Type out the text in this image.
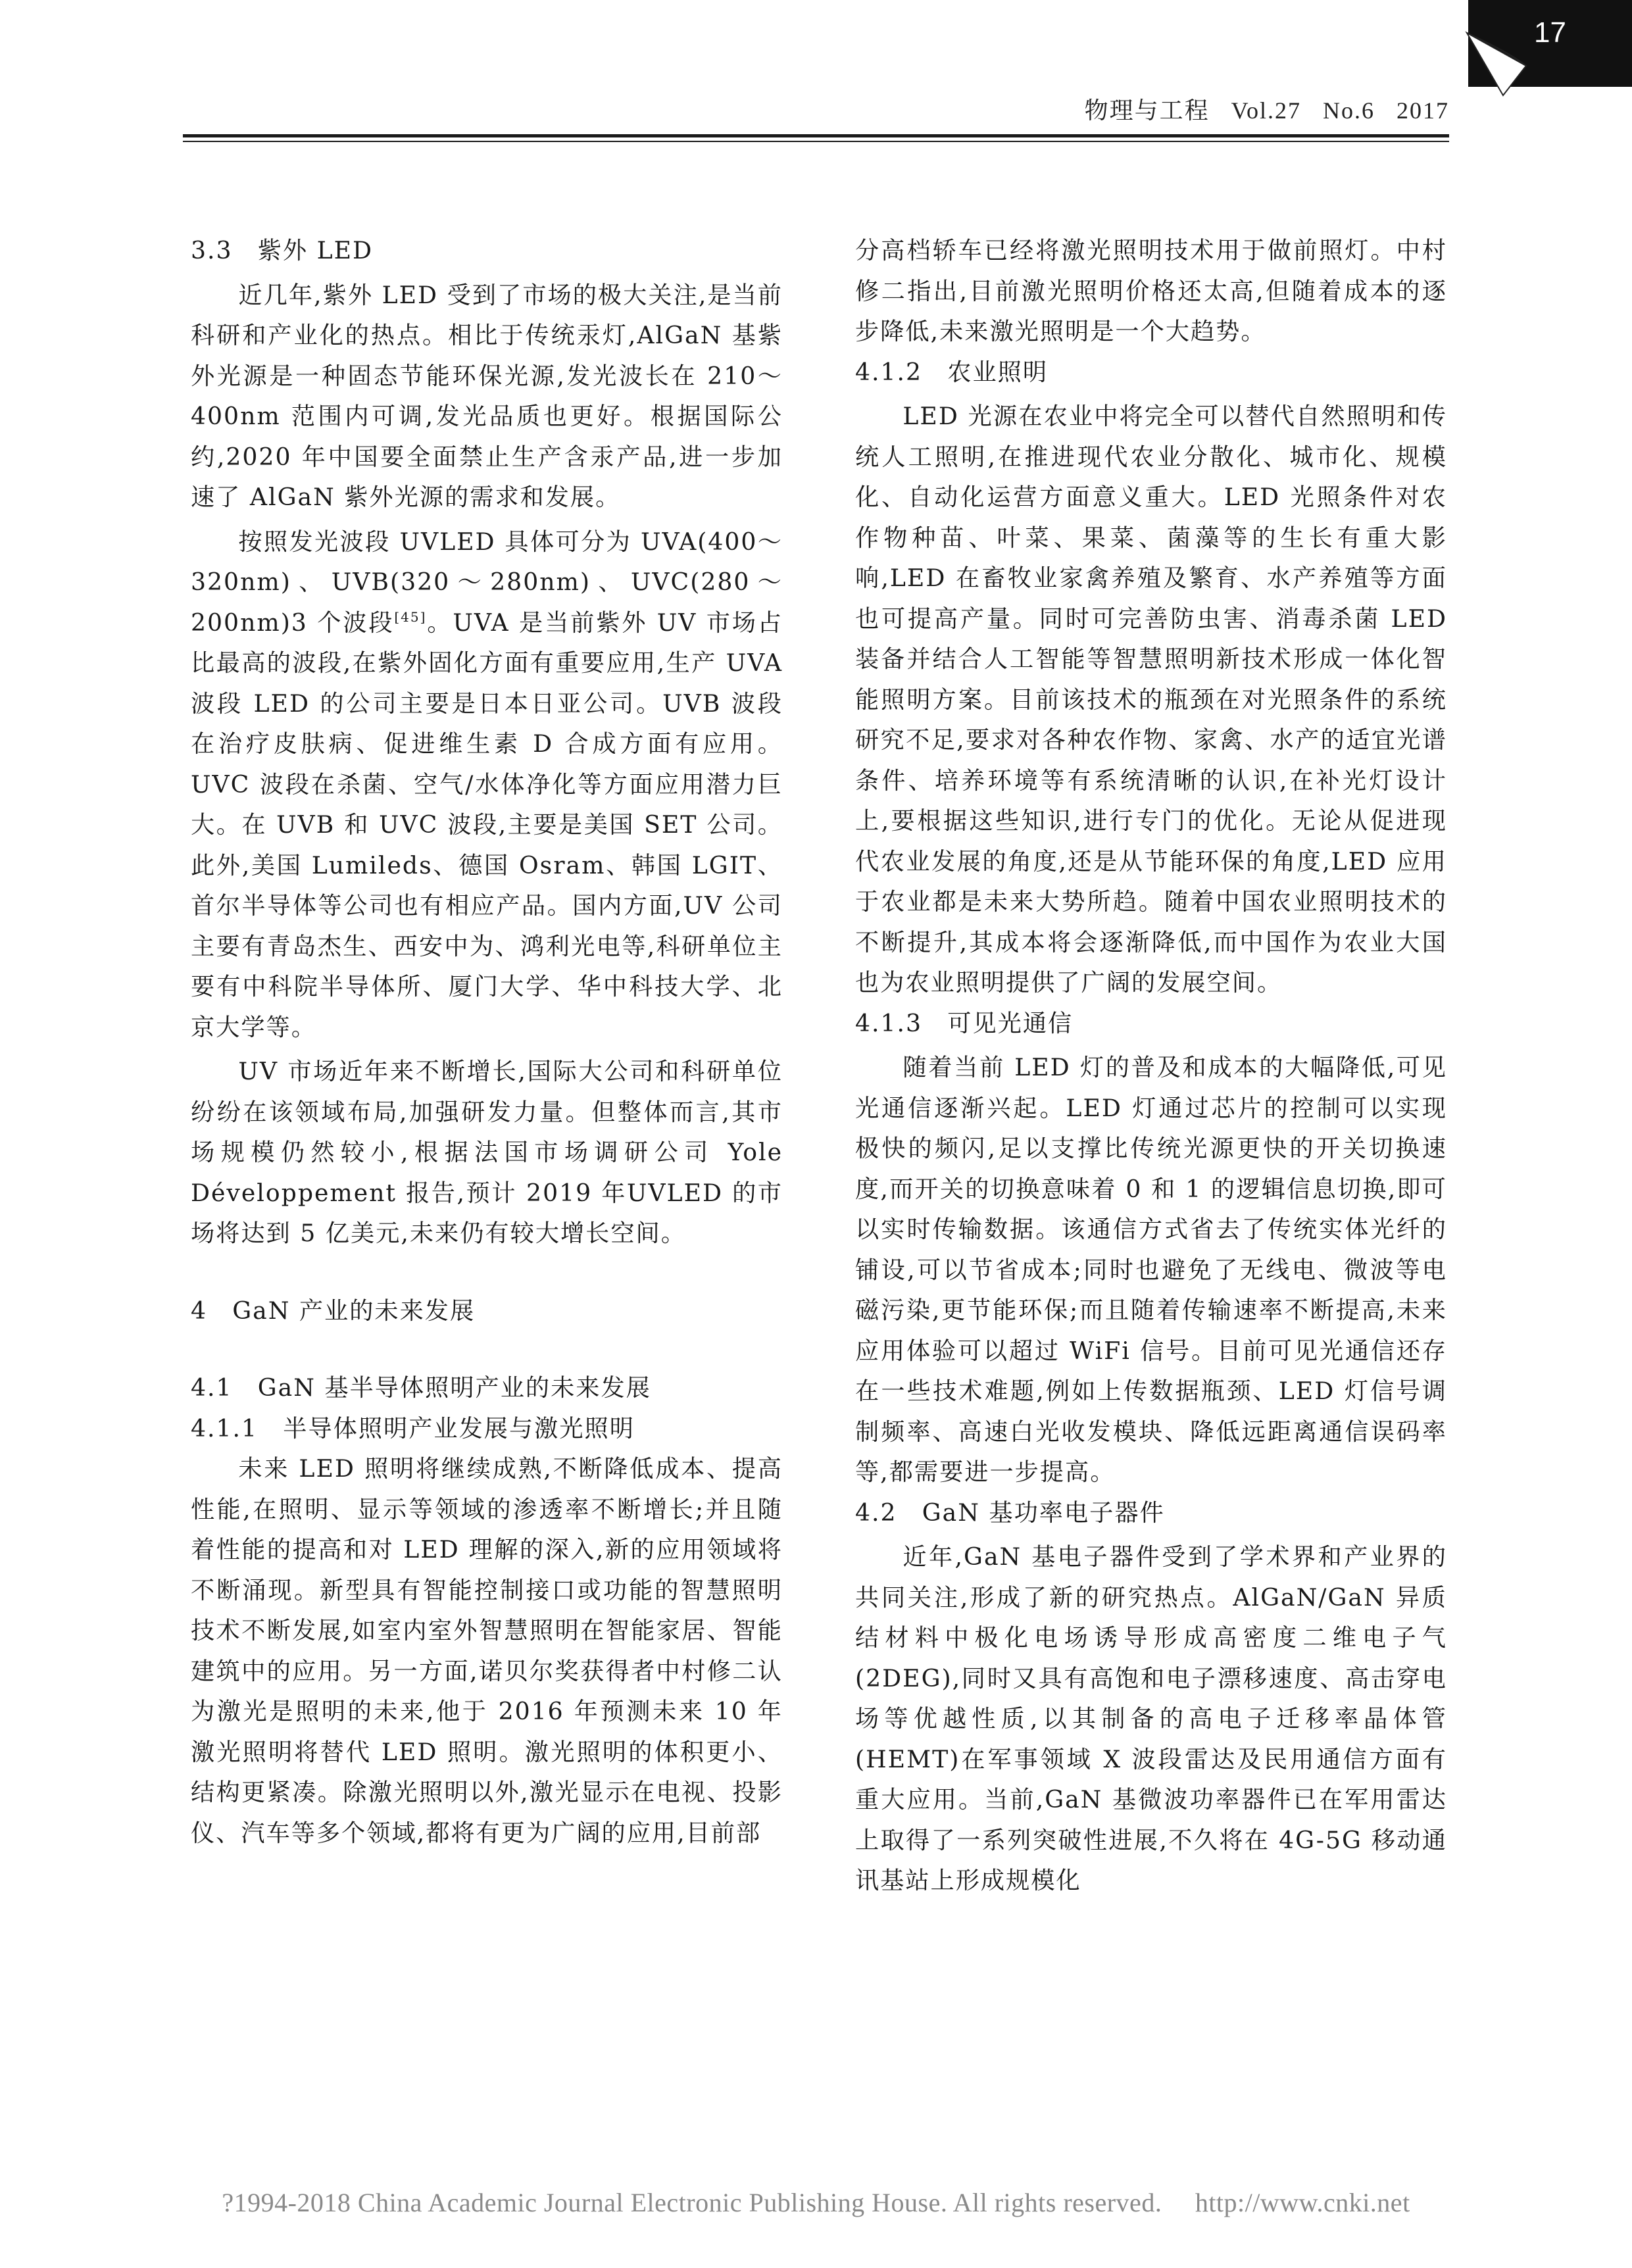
17
物理与工程 Vol.27 No.6 2017
3.3　紫外 LED

近几年,紫外 LED 受到了市场的极大关注,是当前科研和产业化的热点。相比于传统汞灯,AlGaN 基紫外光源是一种固态节能环保光源,发光波长在 210～400nm 范围内可调,发光品质也更好。根据国际公约,2020 年中国要全面禁止生产含汞产品,进一步加速了 AlGaN 紫外光源的需求和发展。

按照发光波段 UVLED 具体可分为 UVA(400～320nm)、UVB(320～280nm)、UVC(280～200nm)3 个波段[45]。UVA 是当前紫外 UV 市场占比最高的波段,在紫外固化方面有重要应用,生产 UVA 波段 LED 的公司主要是日本日亚公司。UVB 波段在治疗皮肤病、促进维生素 D 合成方面有应用。UVC 波段在杀菌、空气/水体净化等方面应用潜力巨大。在 UVB 和 UVC 波段,主要是美国 SET 公司。此外,美国 Lumileds、德国 Osram、韩国 LGIT、首尔半导体等公司也有相应产品。国内方面,UV 公司主要有青岛杰生、西安中为、鸿利光电等,科研单位主要有中科院半导体所、厦门大学、华中科技大学、北京大学等。

UV 市场近年来不断增长,国际大公司和科研单位纷纷在该领域布局,加强研发力量。但整体而言,其市场规模仍然较小,根据法国市场调研公司 Yole Développement 报告,预计 2019 年UVLED 的市场将达到 5 亿美元,未来仍有较大增长空间。

4　GaN 产业的未来发展
4.1　GaN 基半导体照明产业的未来发展
4.1.1　半导体照明产业发展与激光照明

未来 LED 照明将继续成熟,不断降低成本、提高性能,在照明、显示等领域的渗透率不断增长;并且随着性能的提高和对 LED 理解的深入,新的应用领域将不断涌现。新型具有智能控制接口或功能的智慧照明技术不断发展,如室内室外智慧照明在智能家居、智能建筑中的应用。另一方面,诺贝尔奖获得者中村修二认为激光是照明的未来,他于 2016 年预测未来 10 年激光照明将替代 LED 照明。激光照明的体积更小、结构更紧凑。除激光照明以外,激光显示在电视、投影仪、汽车等多个领域,都将有更为广阔的应用,目前部

分高档轿车已经将激光照明技术用于做前照灯。中村修二指出,目前激光照明价格还太高,但随着成本的逐步降低,未来激光照明是一个大趋势。

4.1.2　农业照明

LED 光源在农业中将完全可以替代自然照明和传统人工照明,在推进现代农业分散化、城市化、规模化、自动化运营方面意义重大。LED 光照条件对农作物种苗、叶菜、果菜、菌藻等的生长有重大影响,LED 在畜牧业家禽养殖及繁育、水产养殖等方面也可提高产量。同时可完善防虫害、消毒杀菌 LED 装备并结合人工智能等智慧照明新技术形成一体化智能照明方案。目前该技术的瓶颈在对光照条件的系统研究不足,要求对各种农作物、家禽、水产的适宜光谱条件、培养环境等有系统清晰的认识,在补光灯设计上,要根据这些知识,进行专门的优化。无论从促进现代农业发展的角度,还是从节能环保的角度,LED 应用于农业都是未来大势所趋。随着中国农业照明技术的不断提升,其成本将会逐渐降低,而中国作为农业大国也为农业照明提供了广阔的发展空间。

4.1.3　可见光通信

随着当前 LED 灯的普及和成本的大幅降低,可见光通信逐渐兴起。LED 灯通过芯片的控制可以实现极快的频闪,足以支撑比传统光源更快的开关切换速度,而开关的切换意味着 0 和 1 的逻辑信息切换,即可以实时传输数据。该通信方式省去了传统实体光纤的铺设,可以节省成本;同时也避免了无线电、微波等电磁污染,更节能环保;而且随着传输速率不断提高,未来应用体验可以超过 WiFi 信号。目前可见光通信还存在一些技术难题,例如上传数据瓶颈、LED 灯信号调制频率、高速白光收发模块、降低远距离通信误码率等,都需要进一步提高。

4.2　GaN 基功率电子器件

近年,GaN 基电子器件受到了学术界和产业界的共同关注,形成了新的研究热点。AlGaN/GaN 异质结材料中极化电场诱导形成高密度二维电子气(2DEG),同时又具有高饱和电子漂移速度、高击穿电场等优越性质,以其制备的高电子迁移率晶体管(HEMT)在军事领域 X 波段雷达及民用通信方面有重大应用。当前,GaN 基微波功率器件已在军用雷达上取得了一系列突破性进展,不久将在 4G-5G 移动通讯基站上形成规模化

?1994-2018 China Academic Journal Electronic Publishing House. All rights reserved. http://www.cnki.net
